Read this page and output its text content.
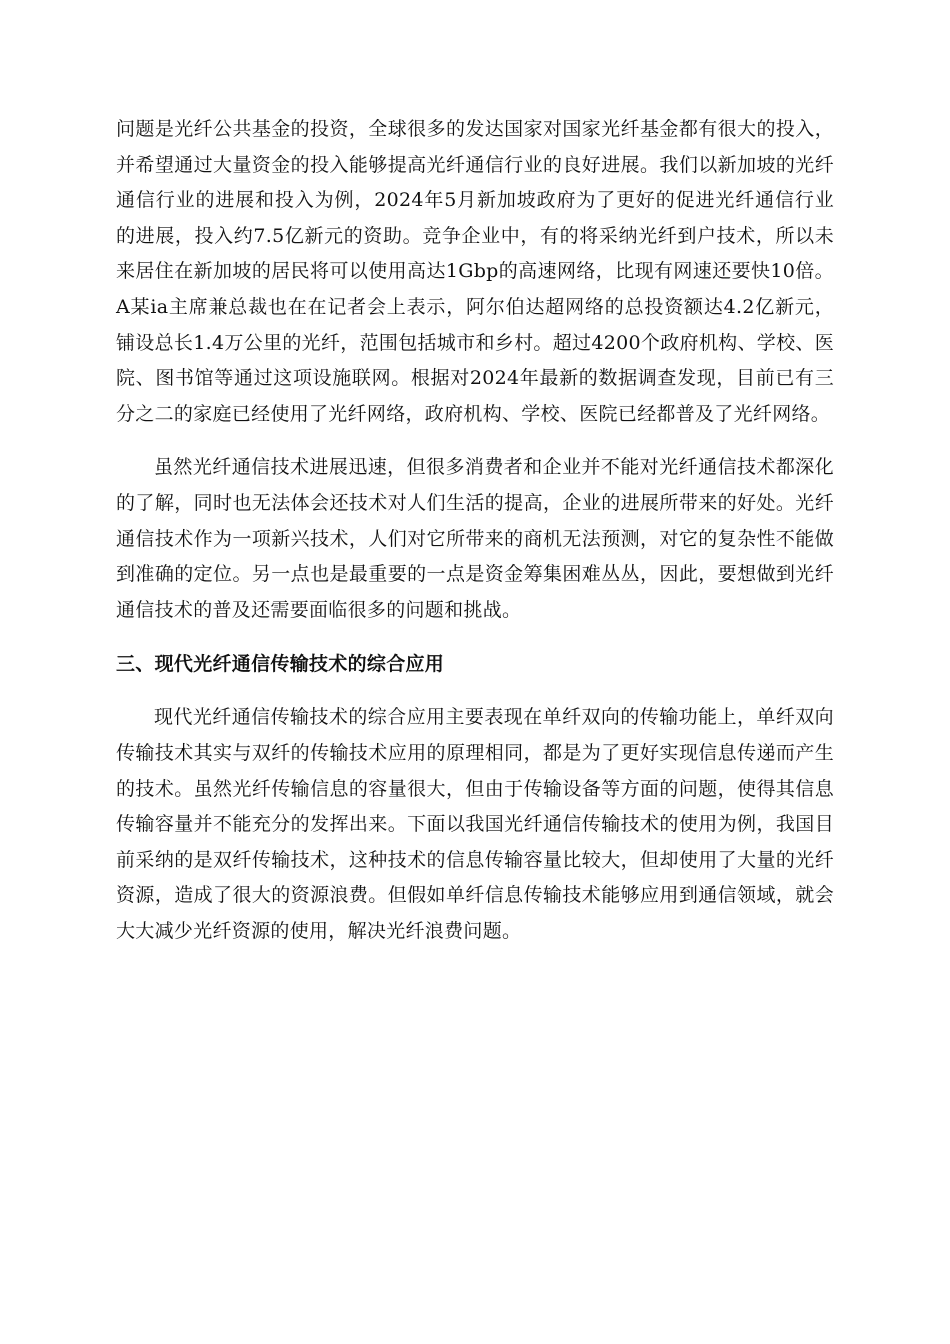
问题是光纤公共基金的投资，全球很多的发达国家对国家光纤基金都有很大的投入，并希望通过大量资金的投入能够提高光纤通信行业的良好进展。我们以新加坡的光纤通信行业的进展和投入为例，2024年5月新加坡政府为了更好的促进光纤通信行业的进展，投入约7.5亿新元的资助。竞争企业中，有的将采纳光纤到户技术，所以未来居住在新加坡的居民将可以使用高达1Gbp的高速网络，比现有网速还要快10倍。A某ia主席兼总裁也在在记者会上表示，阿尔伯达超网络的总投资额达4.2亿新元，铺设总长1.4万公里的光纤，范围包括城市和乡村。超过4200个政府机构、学校、医院、图书馆等通过这项设施联网。根据对2024年最新的数据调查发现，目前已有三分之二的家庭已经使用了光纤网络，政府机构、学校、医院已经都普及了光纤网络。

虽然光纤通信技术进展迅速，但很多消费者和企业并不能对光纤通信技术都深化的了解，同时也无法体会还技术对人们生活的提高，企业的进展所带来的好处。光纤通信技术作为一项新兴技术，人们对它所带来的商机无法预测，对它的复杂性不能做到准确的定位。另一点也是最重要的一点是资金筹集困难丛丛，因此，要想做到光纤通信技术的普及还需要面临很多的问题和挑战。

三、现代光纤通信传输技术的综合应用

现代光纤通信传输技术的综合应用主要表现在单纤双向的传输功能上，单纤双向传输技术其实与双纤的传输技术应用的原理相同，都是为了更好实现信息传递而产生的技术。虽然光纤传输信息的容量很大，但由于传输设备等方面的问题，使得其信息传输容量并不能充分的发挥出来。下面以我国光纤通信传输技术的使用为例，我国目前采纳的是双纤传输技术，这种技术的信息传输容量比较大，但却使用了大量的光纤资源，造成了很大的资源浪费。但假如单纤信息传输技术能够应用到通信领域，就会大大减少光纤资源的使用，解决光纤浪费问题。
